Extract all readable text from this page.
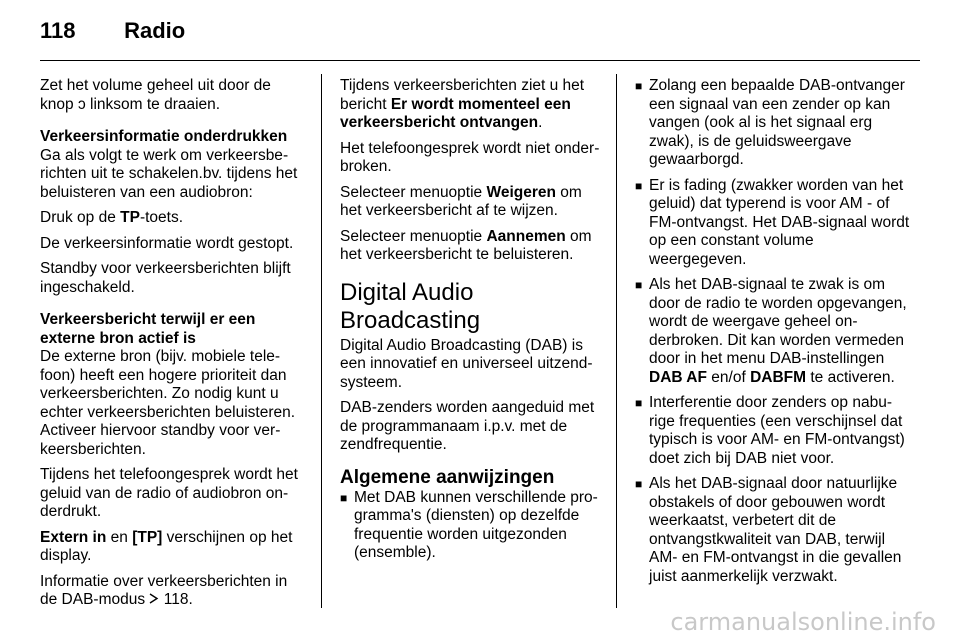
118 Radio

Zet het volume geheel uit door de knop ↄ linksom te draaien.

Verkeersinformatie onderdrukken

Ga als volgt te werk om verkeersberichten uit te schakelen.bv. tijdens het beluisteren van een audiobron:

Druk op de TP-toets.

De verkeersinformatie wordt gestopt.

Standby voor verkeersberichten blijft ingeschakeld.

Verkeersbericht terwijl er een externe bron actief is

De externe bron (bijv. mobiele telefoon) heeft een hogere prioriteit dan verkeersberichten. Zo nodig kunt u echter verkeersberichten beluisteren. Activeer hiervoor standby voor verkeersberichten.

Tijdens het telefoongesprek wordt het geluid van de radio of audiobron onderdrukt.

Extern in en [TP] verschijnen op het display.

Informatie over verkeersberichten in de DAB-modus 118.

Tijdens verkeersberichten ziet u het bericht Er wordt momenteel een verkeersbericht ontvangen.

Het telefoongesprek wordt niet onderbroken.

Selecteer menuoptie Weigeren om het verkeersbericht af te wijzen.

Selecteer menuoptie Aannemen om het verkeersbericht te beluisteren.

Digital Audio Broadcasting

Digital Audio Broadcasting (DAB) is een innovatief en universeel uitzendsysteem.

DAB-zenders worden aangeduid met de programmanaam i.p.v. met de zendfrequentie.

Algemene aanwijzingen
■ Met DAB kunnen verschillende programma's (diensten) op dezelfde frequentie worden uitgezonden (ensemble).
■ Zolang een bepaalde DAB-ontvanger een signaal van een zender op kan vangen (ook al is het signaal erg zwak), is de geluidsweergave gewaarborgd.
■ Er is fading (zwakker worden van het geluid) dat typerend is voor AM - of FM-ontvangst. Het DAB-signaal wordt op een constant volume weergegeven.
■ Als het DAB-signaal te zwak is om door de radio te worden opgevangen, wordt de weergave geheel onderbroken. Dit kan worden vermeden door in het menu DAB-instellingen DAB AF en/of DABFM te activeren.
■ Interferentie door zenders op naburige frequenties (een verschijnsel dat typisch is voor AM- en FM-ontvangst) doet zich bij DAB niet voor.
■ Als het DAB-signaal door natuurlijke obstakels of door gebouwen wordt weerkaatst, verbetert dit de ontvangstkwaliteit van DAB, terwijl AM- en FM-ontvangst in die gevallen juist aanmerkelijk verzwakt.
carmanualsonline.info
